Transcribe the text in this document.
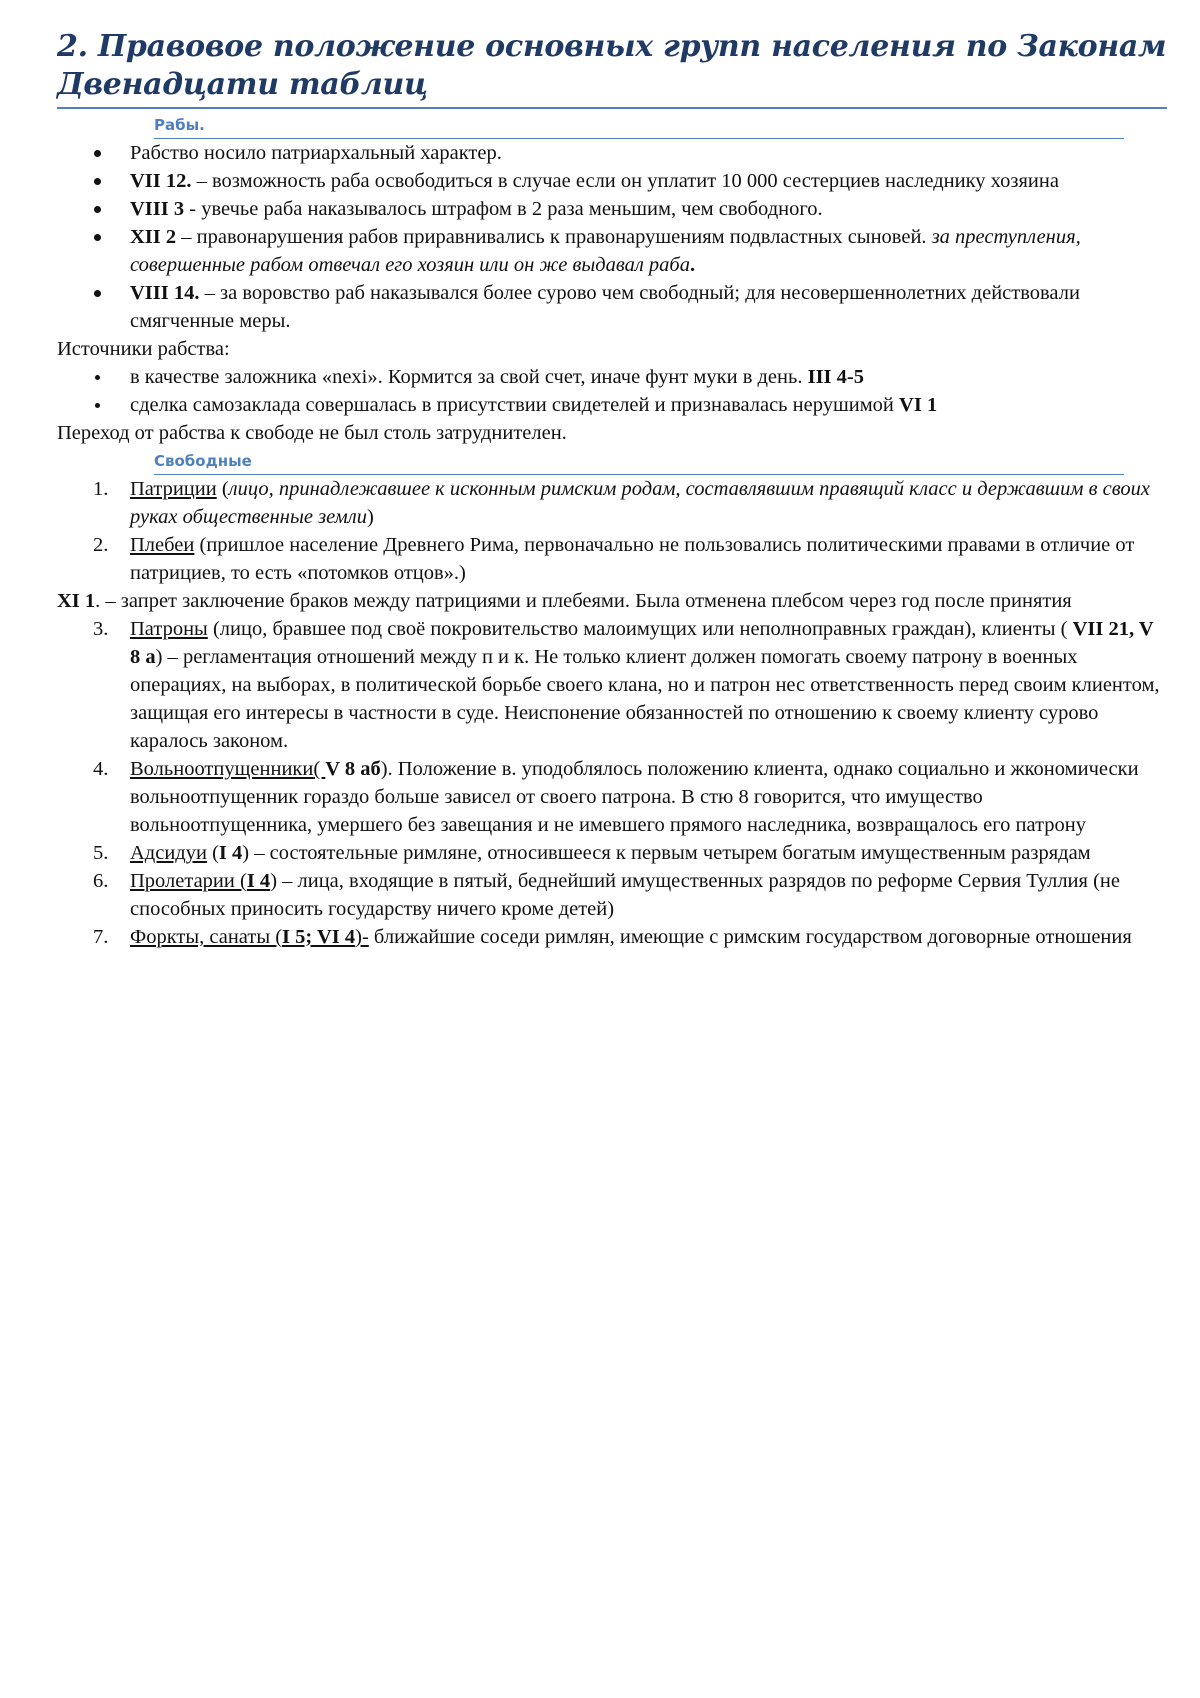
2. Правовое положение основных групп населения по Законам Двенадцати таблиц
Рабы.
Рабство носило патриархальный характер.
VII 12. – возможность раба освободиться в случае если он уплатит 10 000 сестерциев наследнику хозяина
VIII 3 - увечье раба наказывалось штрафом в 2 раза меньшим, чем свободного.
XII 2 – правонарушения рабов приравнивались к правонарушениям подвластных сыновей. за преступления, совершенные рабом отвечал его хозяин или он же выдавал раба.
VIII 14. – за воровство раб наказывался более сурово чем свободный; для несовершеннолетних действовали смягченные меры.

Источники рабства:

в качестве заложника «nexi». Кормится за свой счет, иначе фунт муки в день. III 4-5
сделка самозаклада совершалась в присутствии свидетелей и признавалась нерушимой VI 1

Переход от рабства к свободе не был столь затруднителен.

Свободные
1. Патриции (лицо, принадлежавшее к исконным римским родам, составлявшим правящий класс и державшим в своих руках общественные земли)
2. Плебеи (пришлое население Древнего Рима, первоначально не пользовались политическими правами в отличие от патрициев, то есть «потомков отцов».)

XI 1. – запрет заключение браков между патрициями и плебеями. Была отменена плебсом через год после принятия

3. Патроны (лицо, бравшее под своё покровительство малоимущих или неполноправных граждан), клиенты ( VII 21, V 8 а) – регламентация отношений между п и к. Не только клиент должен помогать своему патрону в военных операциях, на выборах, в политической борьбе своего клана, но и патрон нес ответственность перед своим клиентом, защищая его интересы в частности в суде. Неиспонение обязанностей по отношению к своему клиенту сурово каралось законом.
4. Вольноотпущенники( V 8 аб). Положение в. уподоблялось положению клиента, однако социально и жкономически вольноотпущенник гораздо больше зависел от своего патрона. В стю 8 говорится, что имущество вольноотпущенника, умершего без завещания и не имевшего прямого наследника, возвращалось его патрону
5. Адсидуи (I 4) – состоятельные римляне, относившееся к первым четырем богатым имущественным разрядам
6. Пролетарии (I 4) – лица, входящие в пятый, беднейший имущественных разрядов по реформе Сервия Туллия (не способных приносить государству ничего кроме детей)
7. Форкты, санаты (I 5; VI 4)- ближайшие соседи римлян, имеющие с римским государством договорные отношения
